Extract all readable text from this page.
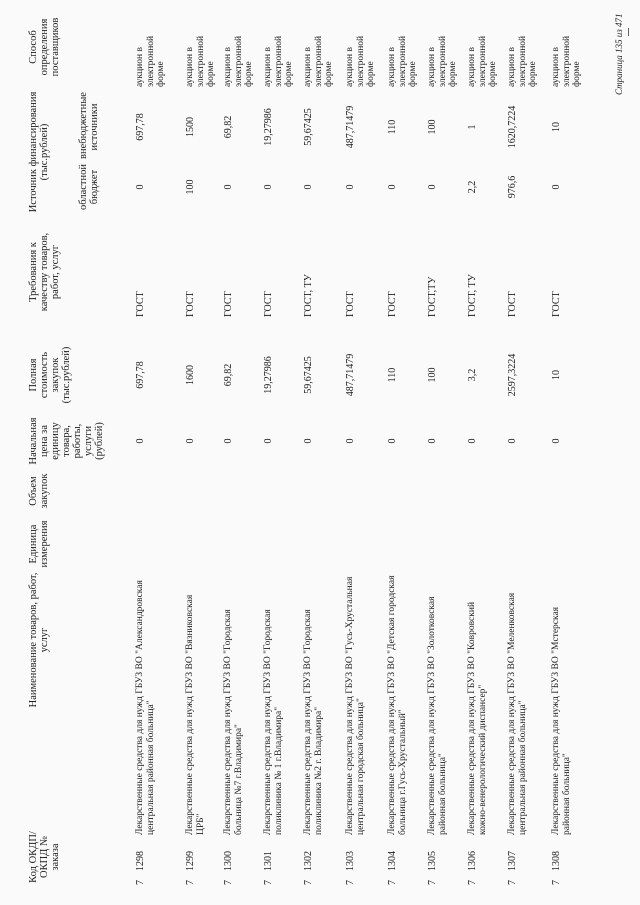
Код ОКДП/ ОКПД № заказа
Наименование товаров, работ, услуг
Единица измерения
Объем закупок
Начальная цена за единицу товара, работы, услуги (рублей)
Полная стоимость закупок (тыс.рублей)
Требования к качеству товаров, работ, услуг
Источник финансирования (тыс.рублей)
областной бюджет
внебюджетные источники
Способ определения поставщиков
7
1298
Лекарственные средства для нужд ГБУЗ ВО "Александровская центральная районная больница"
0
697,78
ГОСТ
0
697,78
аукцион в электронной форме
7
1299
Лекарственные средства для нужд ГБУЗ ВО "Вязниковская ЦРБ"
0
1600
ГОСТ
100
1500
аукцион в электронной форме
7
1300
Лекарственные средства для нужд ГБУЗ ВО "Городская больница №7 г.Владимира"
0
69,82
ГОСТ
0
69,82
аукцион в электронной форме
7
1301
Лекарственные средства для нужд ГБУЗ ВО "Городская поликлиника № 1 г.Владимира"
0
19,27986
ГОСТ
0
19,27986
аукцион в электронной форме
7
1302
Лекарственные средства для нужд ГБУЗ ВО "Городская поликлиника №2 г. Владимира"
0
59,67425
ГОСТ, ТУ
0
59,67425
аукцион в электронной форме
7
1303
Лекарственные средства для нужд ГБУЗ ВО "Гусь-Хрустальная центральная городская больница"
0
487,71479
ГОСТ
0
487,71479
аукцион в электронной форме
7
1304
Лекарственные средства для нужд ГБУЗ ВО "Детская городская больница г.Гусь-Хрустальный"
0
110
ГОСТ
0
110
аукцион в электронной форме
7
1305
Лекарственные средства для нужд ГБУЗ ВО "Золотковская районная больница"
0
100
ГОСТ,ТУ
0
100
аукцион в электронной форме
7
1306
Лекарственные средства для нужд ГБУЗ ВО "Ковровский кожно-венерологический диспансер"
0
3,2
ГОСТ, ТУ
2,2
1
аукцион в электронной форме
7
1307
Лекарственные средства для нужд ГБУЗ ВО "Меленковская центральная районная больница"
0
2597,3224
ГОСТ
976,6
1620,7224
аукцион в электронной форме
7
1308
Лекарственные средства для нужд ГБУЗ ВО "Мстерская районная больница"
0
10
ГОСТ
0
10
аукцион в электронной форме	Страница 135 из 471
